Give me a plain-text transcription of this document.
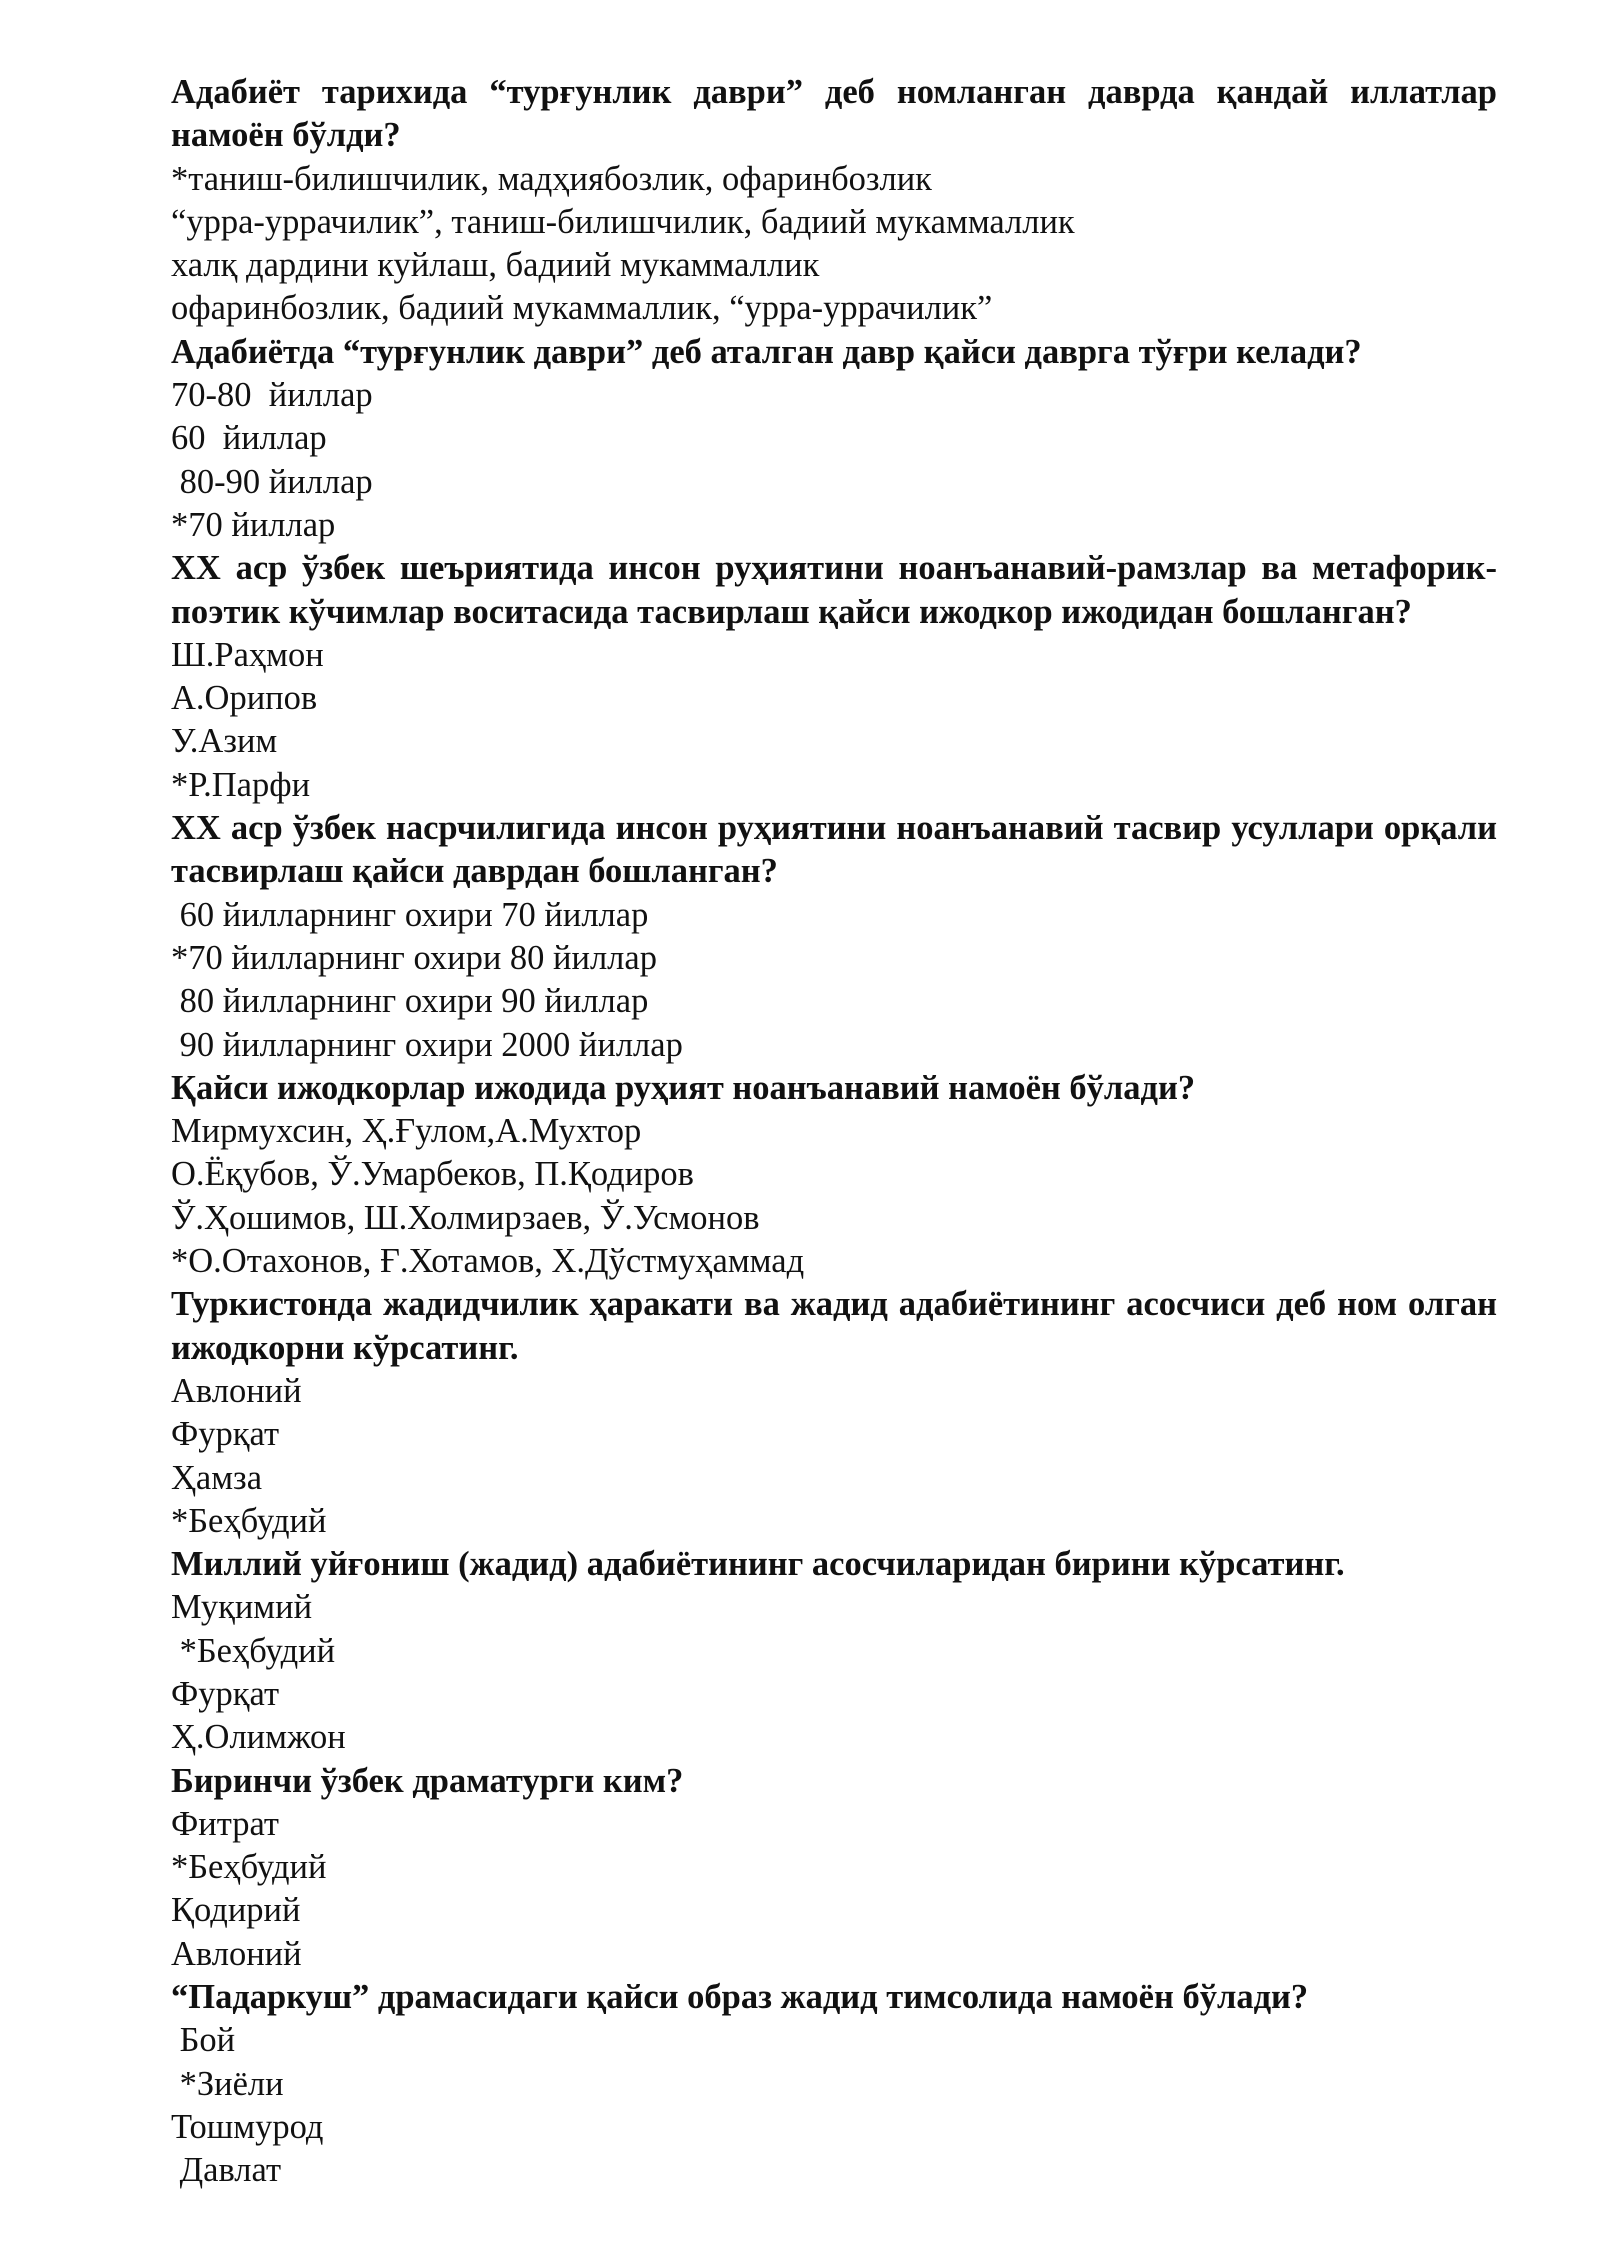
Адабиёт тарихида “турғунлик даври” деб номланган даврда қандай иллатлар намоён бўлди?
*таниш-билишчилик, мадҳиябозлик, офаринбозлик
“урра-уррачилик”, таниш-билишчилик, бадиий мукаммаллик
халқ дардини куйлаш, бадиий мукаммаллик
офаринбозлик, бадиий мукаммаллик, “урра-уррачилик”
Адабиётда “турғунлик даври” деб аталган давр қайси даврга тўғри келади?
70-80  йиллар
60  йиллар
80-90 йиллар
*70 йиллар
XX аср ўзбек шеъриятида инсон руҳиятини ноанъанавий-рамзлар ва метафорик-поэтик кўчимлар воситасида тасвирлаш қайси ижодкор ижодидан бошланган?
Ш.Раҳмон
А.Орипов
У.Азим
*Р.Парфи
XX аср ўзбек насрчилигида инсон руҳиятини ноанъанавий тасвир усуллари орқали тасвирлаш қайси даврдан бошланган?
60 йилларнинг охири 70 йиллар
*70 йилларнинг охири 80 йиллар
80 йилларнинг охири 90 йиллар
90 йилларнинг охири 2000 йиллар
Қайси ижодкорлар ижодида руҳият ноанъанавий намоён бўлади?
Мирмухсин, Ҳ.Ғулом,А.Мухтор
О.Ёқубов, Ў.Умарбеков, П.Қодиров
Ў.Ҳошимов, Ш.Холмирзаев, Ў.Усмонов
*О.Отахонов, Ғ.Хотамов, Х.Дўстмуҳаммад
Туркистонда жадидчилик ҳаракати ва жадид адабиётининг асосчиси деб ном олган ижодкорни кўрсатинг.
Авлоний
Фурқат
Ҳамза
*Беҳбудий
Миллий уйғониш (жадид) адабиётининг асосчиларидан бирини кўрсатинг.
Муқимий
*Беҳбудий
Фурқат
Ҳ.Олимжон
Биринчи ўзбек драматурги ким?
Фитрат
*Беҳбудий
Қодирий
Авлоний
“Падаркуш” драмасидаги қайси образ жадид тимсолида намоён бўлади?
Бой
*Зиёли
Тошмурод
Давлат
